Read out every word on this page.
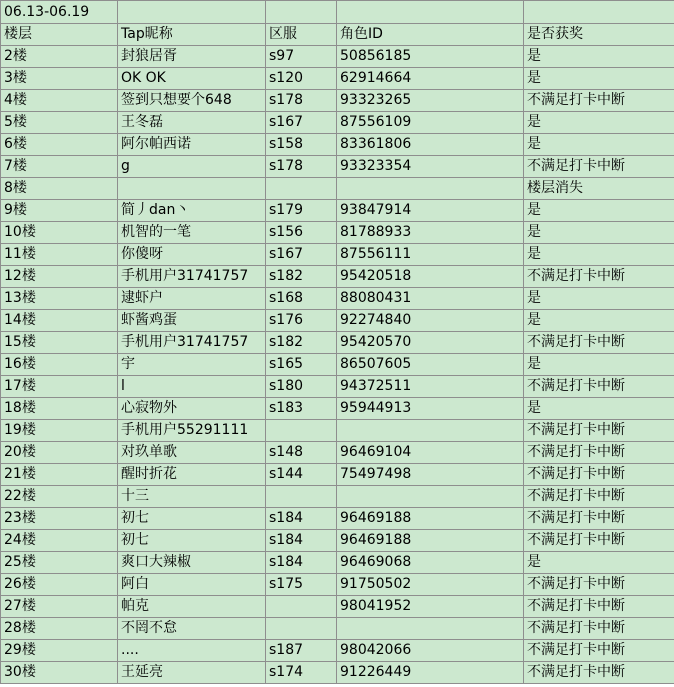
06.13-06.19				
楼层	Tap昵称	区服	角色ID	是否获奖
2楼	封狼居胥	s97	50856185	是
3楼	OK OK	s120	62914664	是
4楼	签到只想要个648	s178	93323265	不满足打卡中断
5楼	王冬磊	s167	87556109	是
6楼	阿尔帕西诺	s158	83361806	是
7楼	g	s178	93323354	不满足打卡中断
8楼				楼层消失
9楼	简丿dan丶	s179	93847914	是
10楼	机智的一笔	s156	81788933	是
11楼	你傻呀	s167	87556111	是
12楼	手机用户31741757	s182	95420518	不满足打卡中断
13楼	逮虾户	s168	88080431	是
14楼	虾酱鸡蛋	s176	92274840	是
15楼	手机用户31741757	s182	95420570	不满足打卡中断
16楼	宇	s165	86507605	是
17楼	l	s180	94372511	不满足打卡中断
18楼	心寂物外	s183	95944913	是
19楼	手机用户55291111			不满足打卡中断
20楼	对玖单歌	s148	96469104	不满足打卡中断
21楼	醒时折花	s144	75497498	不满足打卡中断
22楼	十三			不满足打卡中断
23楼	初七	s184	96469188	不满足打卡中断
24楼	初七	s184	96469188	不满足打卡中断
25楼	爽口大辣椒	s184	96469068	是
26楼	阿白	s175	91750502	不满足打卡中断
27楼	帕克		98041952	不满足打卡中断
28楼	不罔不怠			不满足打卡中断
29楼	....	s187	98042066	不满足打卡中断
30楼	王延亮	s174	91226449	不满足打卡中断
